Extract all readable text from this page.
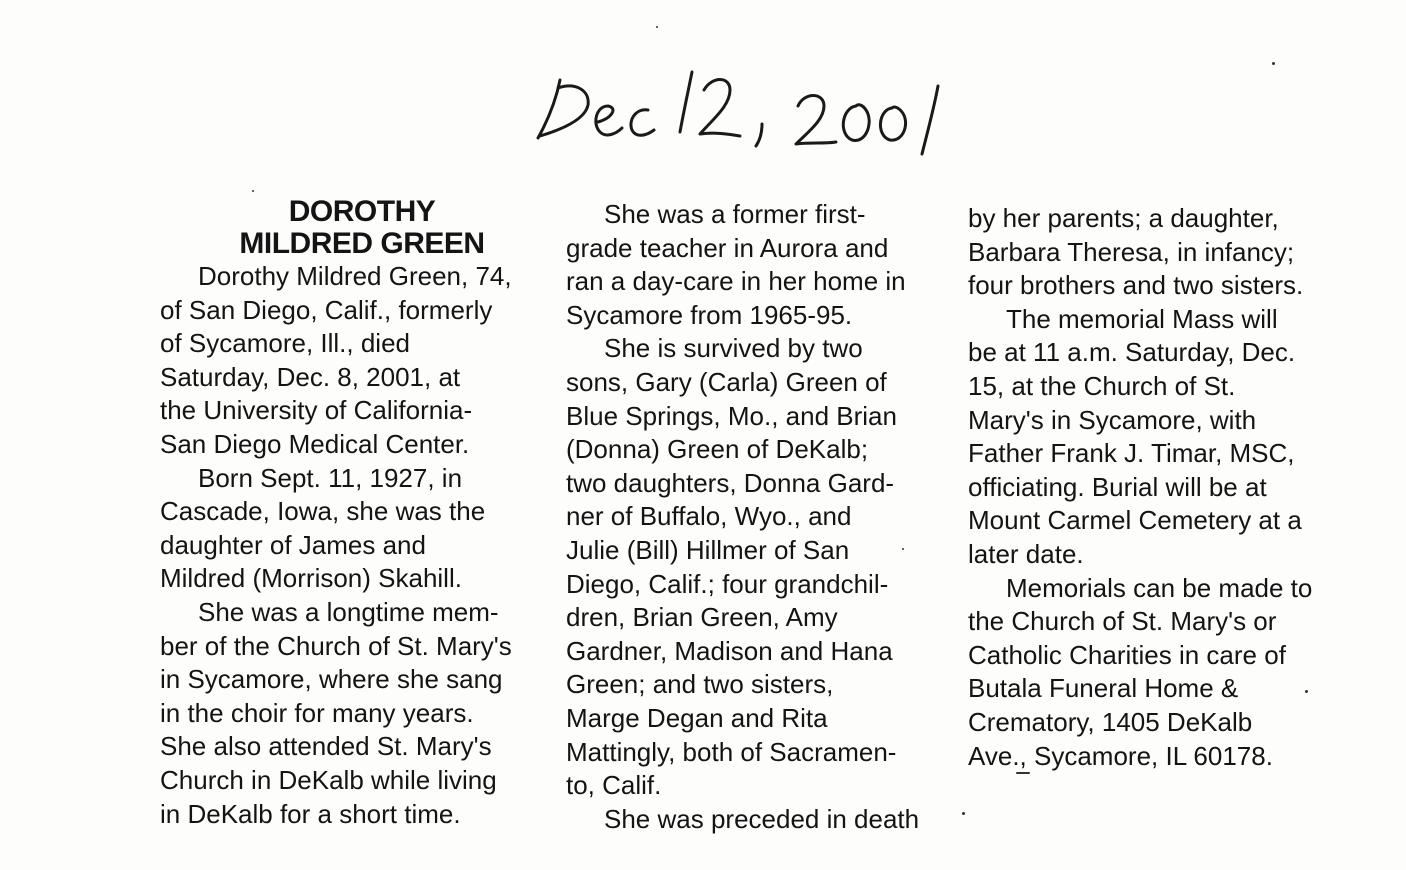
DOROTHY
MILDRED GREEN
Dorothy Mildred Green, 74,
of San Diego, Calif., formerly
of Sycamore, Ill., died
Saturday, Dec. 8, 2001, at
the University of California-
San Diego Medical Center.
Born Sept. 11, 1927, in
Cascade, Iowa, she was the
daughter of James and
Mildred (Morrison) Skahill.
She was a longtime mem-
ber of the Church of St. Mary's
in Sycamore, where she sang
in the choir for many years.
She also attended St. Mary's
Church in DeKalb while living
in DeKalb for a short time.
She was a former first-
grade teacher in Aurora and
ran a day-care in her home in
Sycamore from 1965-95.
She is survived by two
sons, Gary (Carla) Green of
Blue Springs, Mo., and Brian
(Donna) Green of DeKalb;
two daughters, Donna Gard-
ner of Buffalo, Wyo., and
Julie (Bill) Hillmer of San
Diego, Calif.; four grandchil-
dren, Brian Green, Amy
Gardner, Madison and Hana
Green; and two sisters,
Marge Degan and Rita
Mattingly, both of Sacramen-
to, Calif.
She was preceded in death
by her parents; a daughter,
Barbara Theresa, in infancy;
four brothers and two sisters.
The memorial Mass will
be at 11 a.m. Saturday, Dec.
15, at the Church of St.
Mary's in Sycamore, with
Father Frank J. Timar, MSC,
officiating. Burial will be at
Mount Carmel Cemetery at a
later date.
Memorials can be made to
the Church of St. Mary's or
Catholic Charities in care of
Butala Funeral Home &
Crematory, 1405 DeKalb
Ave., Sycamore, IL 60178.
